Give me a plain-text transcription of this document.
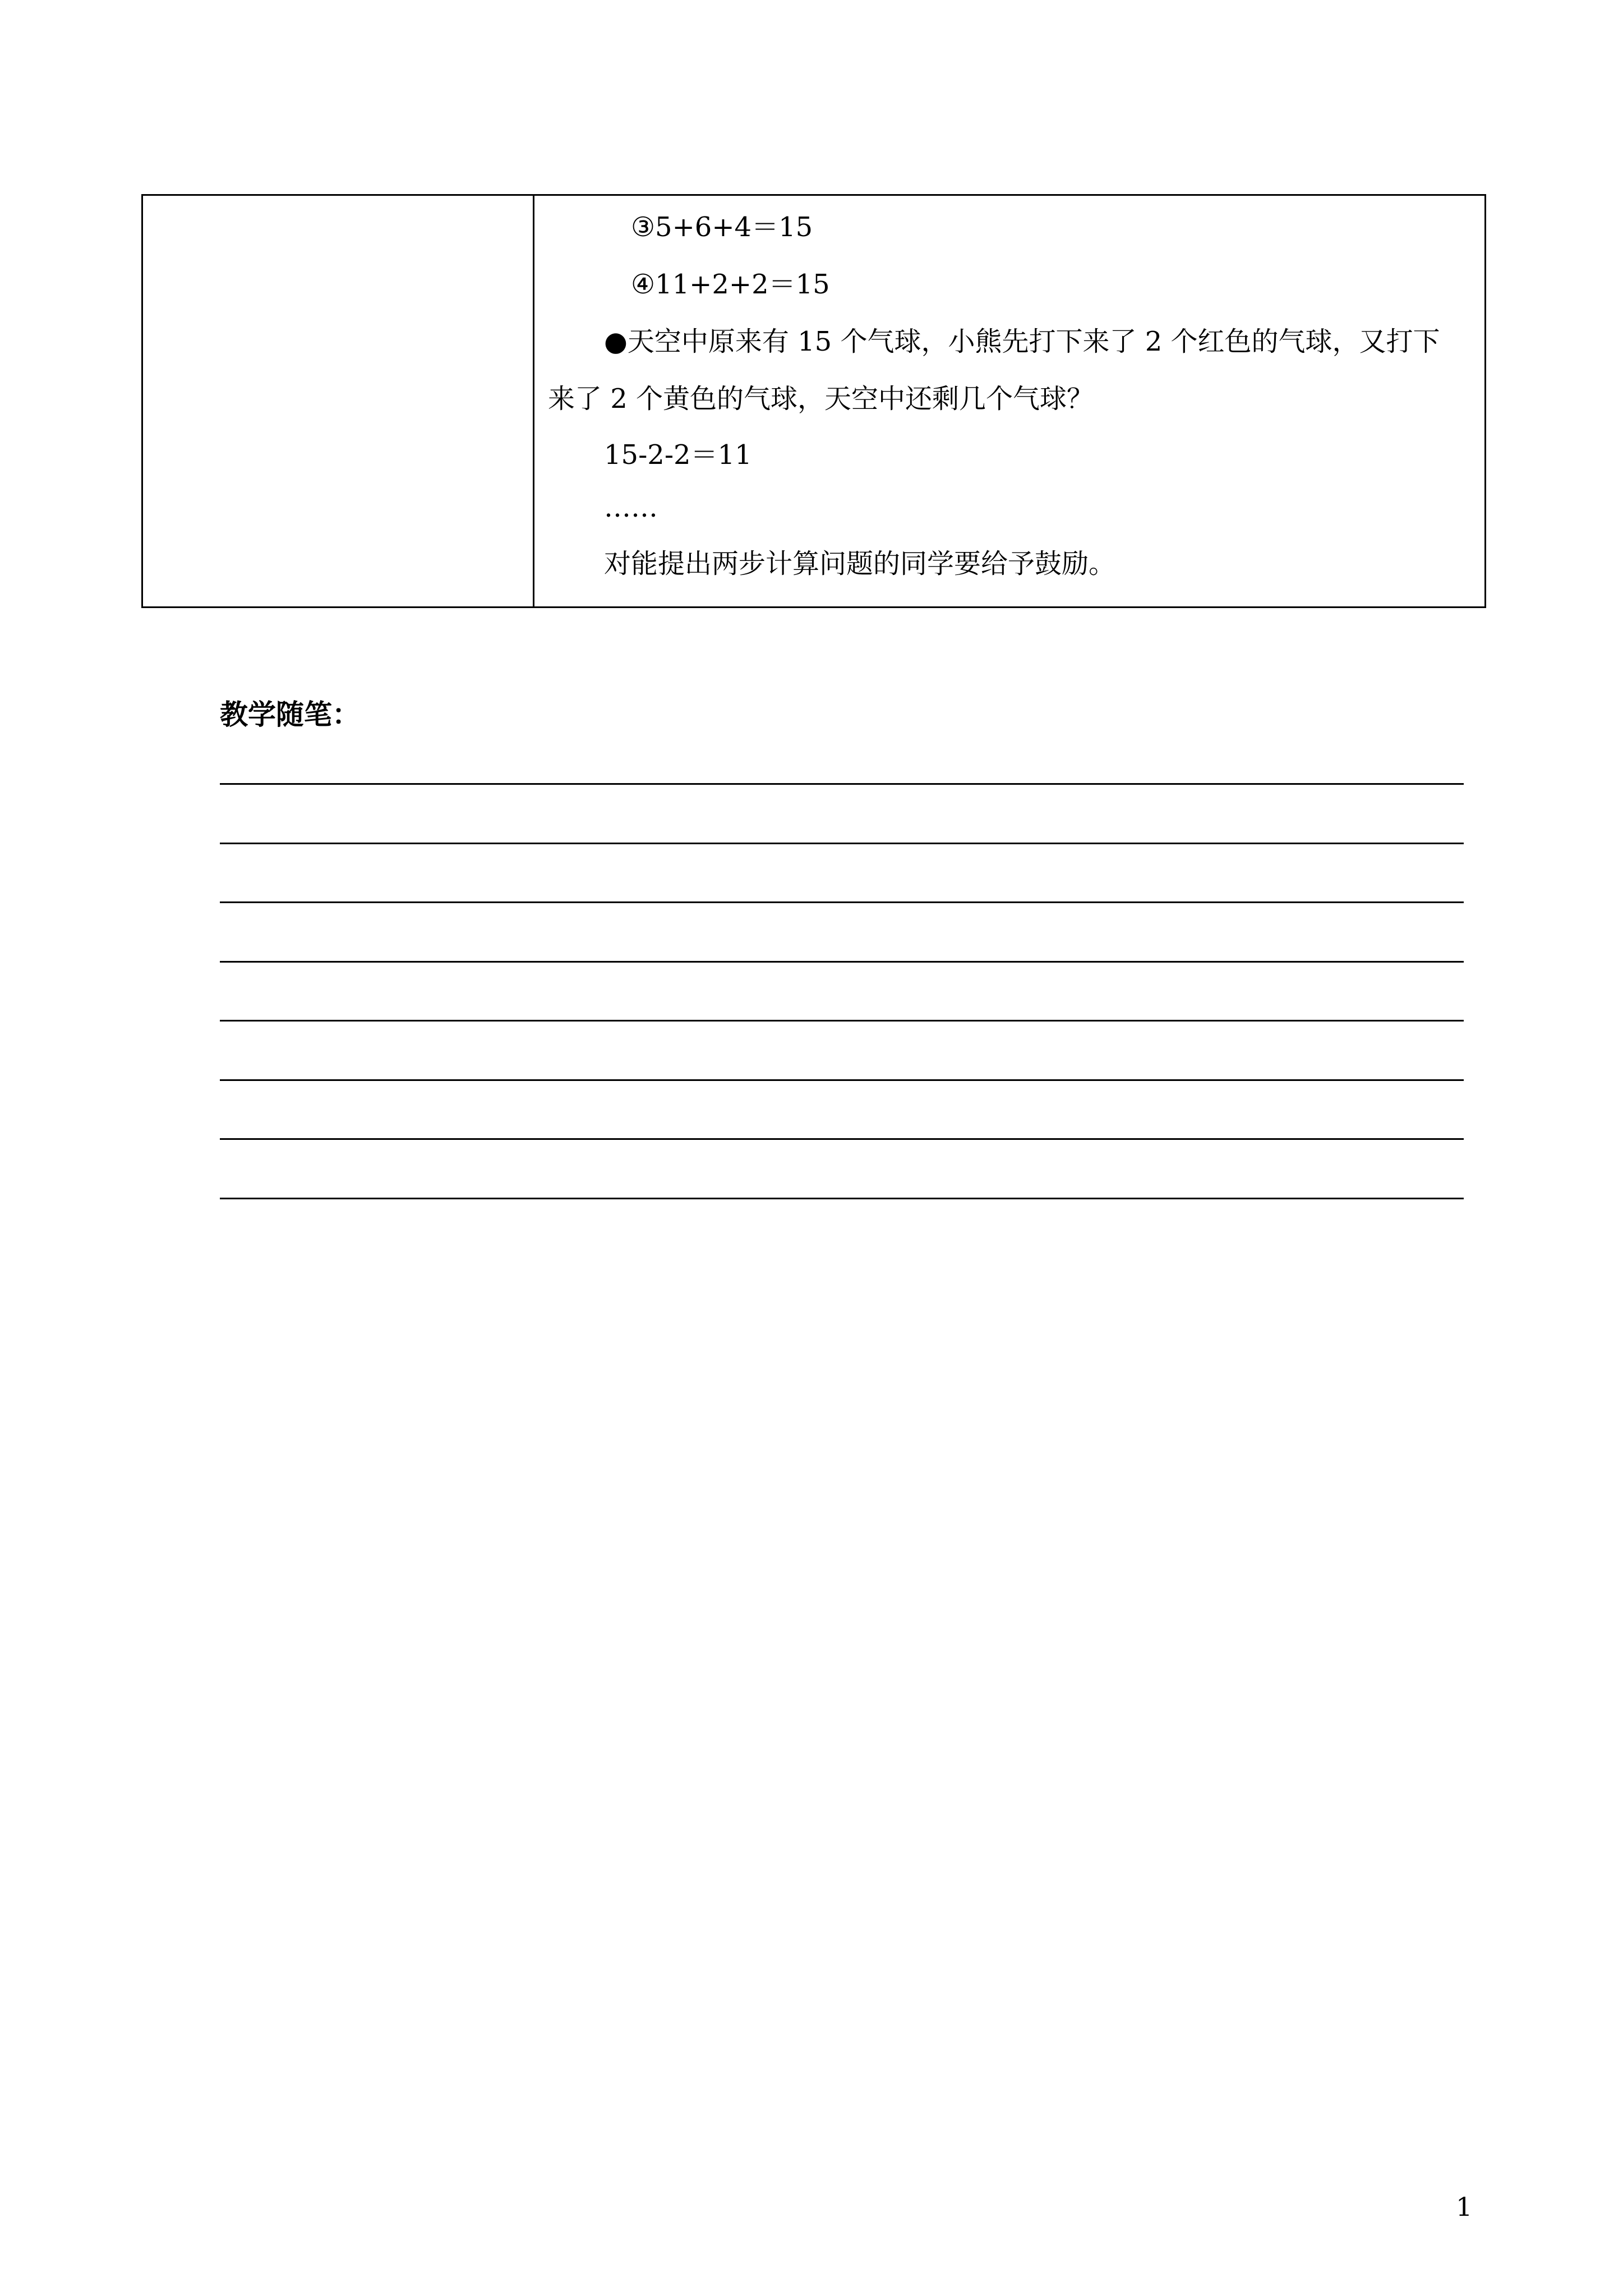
③5+6+4＝15
④11+2+2＝15
●天空中原来有 15 个气球，小熊先打下来了 2 个红色的气球，又打下
来了 2 个黄色的气球，天空中还剩几个气球？
15-2-2＝11
……
对能提出两步计算问题的同学要给予鼓励。
教学随笔：
1
